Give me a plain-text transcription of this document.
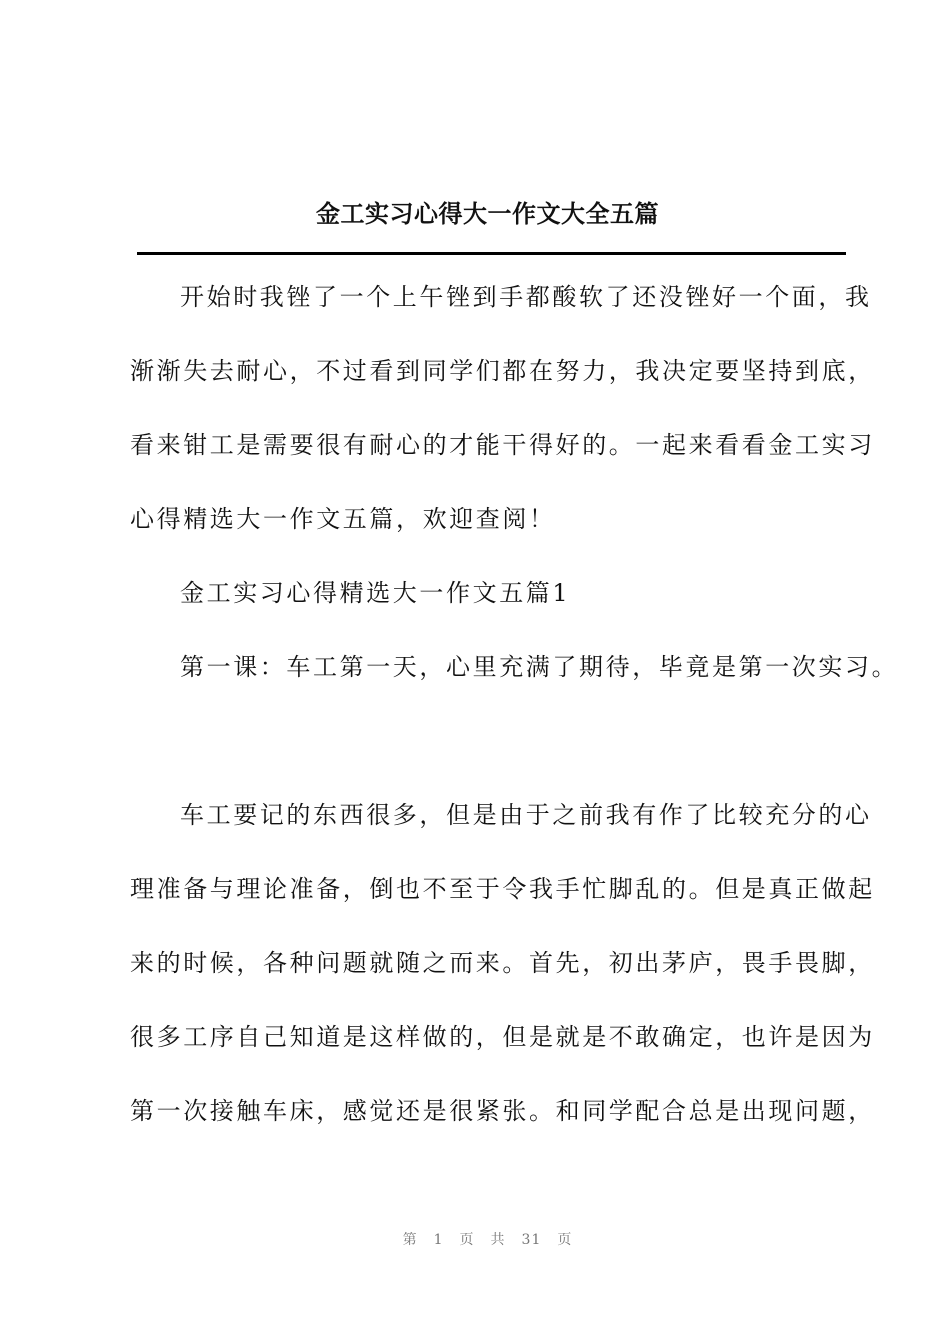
金工实习心得大一作文大全五篇
开始时我锉了一个上午锉到手都酸软了还没锉好一个面，我
渐渐失去耐心，不过看到同学们都在努力，我决定要坚持到底，
看来钳工是需要很有耐心的才能干得好的。一起来看看金工实习
心得精选大一作文五篇，欢迎查阅！
金工实习心得精选大一作文五篇1
第一课：车工第一天，心里充满了期待，毕竟是第一次实习。
车工要记的东西很多，但是由于之前我有作了比较充分的心
理准备与理论准备，倒也不至于令我手忙脚乱的。但是真正做起
来的时候，各种问题就随之而来。首先，初出茅庐，畏手畏脚，
很多工序自己知道是这样做的，但是就是不敢确定，也许是因为
第一次接触车床，感觉还是很紧张。和同学配合总是出现问题，
第 1 页 共 31 页
